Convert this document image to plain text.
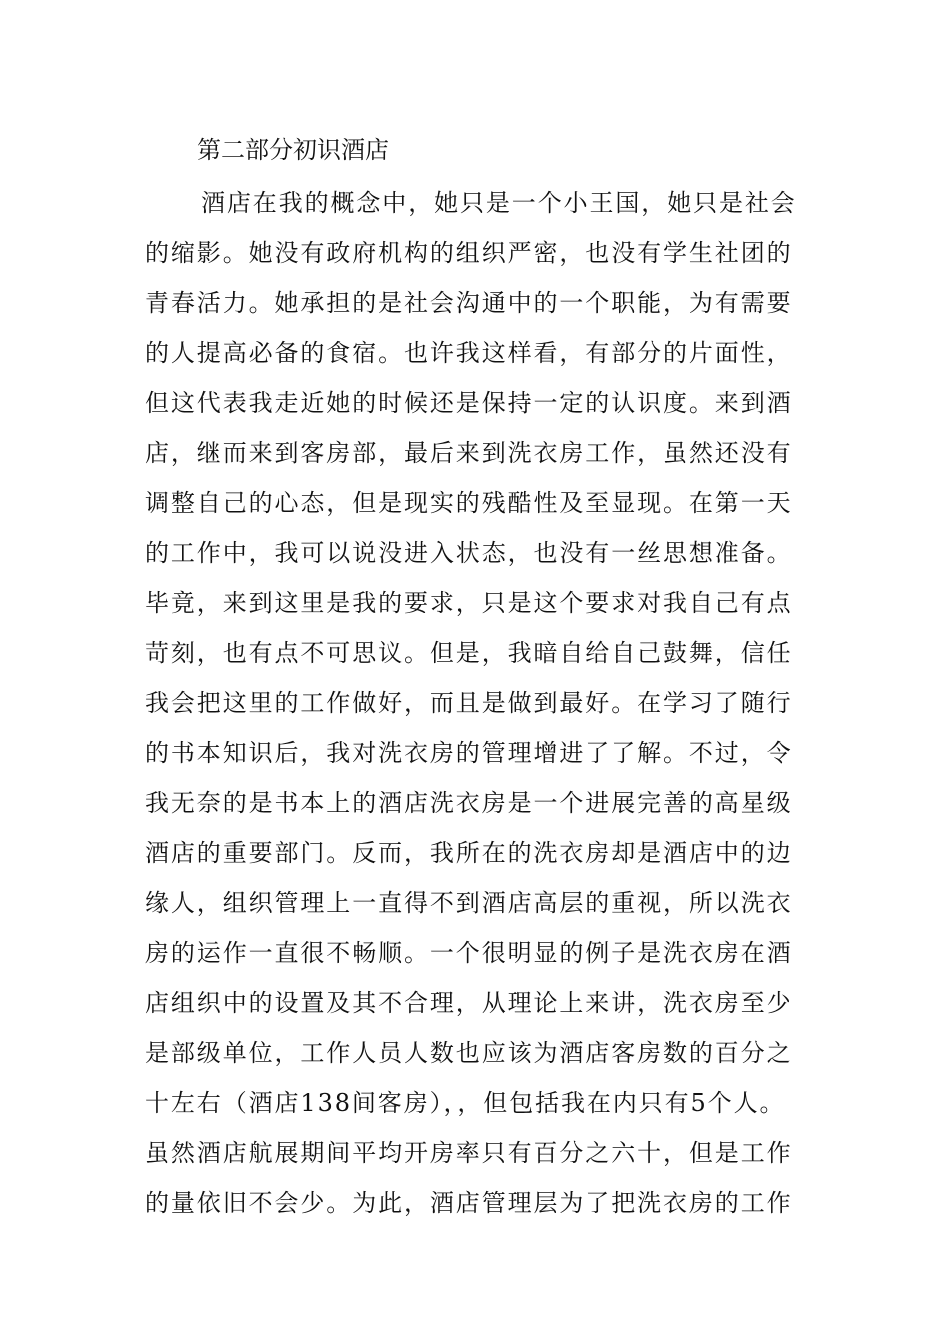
第二部分初识酒店
酒店在我的概念中，她只是一个小王国，她只是社会
的缩影。她没有政府机构的组织严密，也没有学生社团的
青春活力。她承担的是社会沟通中的一个职能，为有需要
的人提高必备的食宿。也许我这样看，有部分的片面性，
但这代表我走近她的时候还是保持一定的认识度。来到酒
店，继而来到客房部，最后来到洗衣房工作，虽然还没有
调整自己的心态，但是现实的残酷性及至显现。在第一天
的工作中，我可以说没进入状态，也没有一丝思想准备。
毕竟，来到这里是我的要求，只是这个要求对我自己有点
苛刻，也有点不可思议。但是，我暗自给自己鼓舞，信任
我会把这里的工作做好，而且是做到最好。在学习了随行
的书本知识后，我对洗衣房的管理增进了了解。不过，令
我无奈的是书本上的酒店洗衣房是一个进展完善的高星级
酒店的重要部门。反而，我所在的洗衣房却是酒店中的边
缘人，组织管理上一直得不到酒店高层的重视，所以洗衣
房的运作一直很不畅顺。一个很明显的例子是洗衣房在酒
店组织中的设置及其不合理，从理论上来讲，洗衣房至少
是部级单位，工作人员人数也应该为酒店客房数的百分之
十左右（酒店138间客房），，但包括我在内只有5个人。
虽然酒店航展期间平均开房率只有百分之六十，但是工作
的量依旧不会少。为此，酒店管理层为了把洗衣房的工作
